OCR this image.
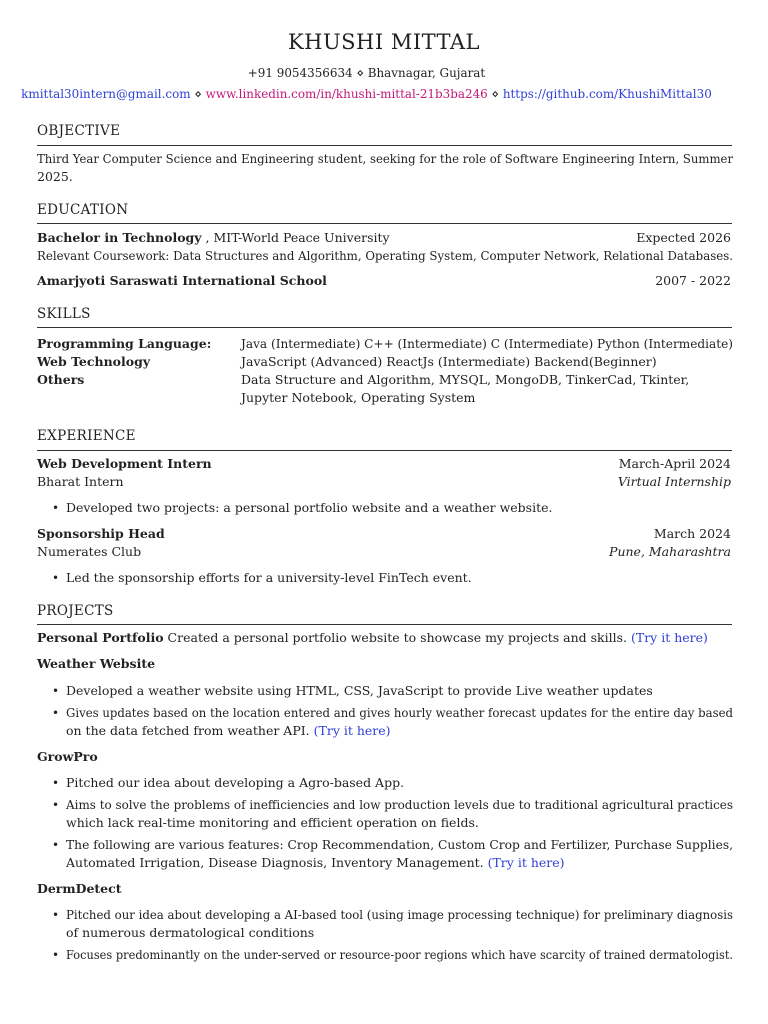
KHUSHI MITTAL
+91 9054356634 ⋄ Bhavnagar, Gujarat
kmittal30intern@gmail.com ⋄ www.linkedin.com/in/khushi-mittal-21b3ba246 ⋄ https://github.com/KhushiMittal30
OBJECTIVE
Third Year Computer Science and Engineering student, seeking for the role of Software Engineering Intern, Summer
2025.
EDUCATION
Bachelor in Technology , MIT-World Peace University	Expected 2026
Relevant Coursework: Data Structures and Algorithm, Operating System, Computer Network, Relational Databases.
Amarjyoti Saraswati International School	2007 - 2022
SKILLS
Programming Language: Java (Intermediate) C++ (Intermediate) C (Intermediate) Python (Intermediate)
Web Technology	JavaScript (Advanced) ReactJs (Intermediate) Backend(Beginner)
Others	Data Structure and Algorithm, MYSQL, MongoDB, TinkerCad, Tkinter,
Jupyter Notebook, Operating System
EXPERIENCE
Web Development Intern	March-April 2024
Bharat Intern	Virtual Internship
• Developed two projects: a personal portfolio website and a weather website.
Sponsorship Head	March 2024
Numerates Club	Pune, Maharashtra
• Led the sponsorship efforts for a university-level FinTech event.
PROJECTS
Personal Portfolio Created a personal portfolio website to showcase my projects and skills. (Try it here)
Weather Website
• Developed a weather website using HTML, CSS, JavaScript to provide Live weather updates
• Gives updates based on the location entered and gives hourly weather forecast updates for the entire day based
on the data fetched from weather API. (Try it here)
GrowPro
• Pitched our idea about developing a Agro-based App.
• Aims to solve the problems of inefficiencies and low production levels due to traditional agricultural practices
which lack real-time monitoring and efficient operation on fields.
• The following are various features: Crop Recommendation, Custom Crop and Fertilizer, Purchase Supplies,
Automated Irrigation, Disease Diagnosis, Inventory Management. (Try it here)
DermDetect
• Pitched our idea about developing a AI-based tool (using image processing technique) for preliminary diagnosis
of numerous dermatological conditions
• Focuses predominantly on the under-served or resource-poor regions which have scarcity of trained dermatologist.
